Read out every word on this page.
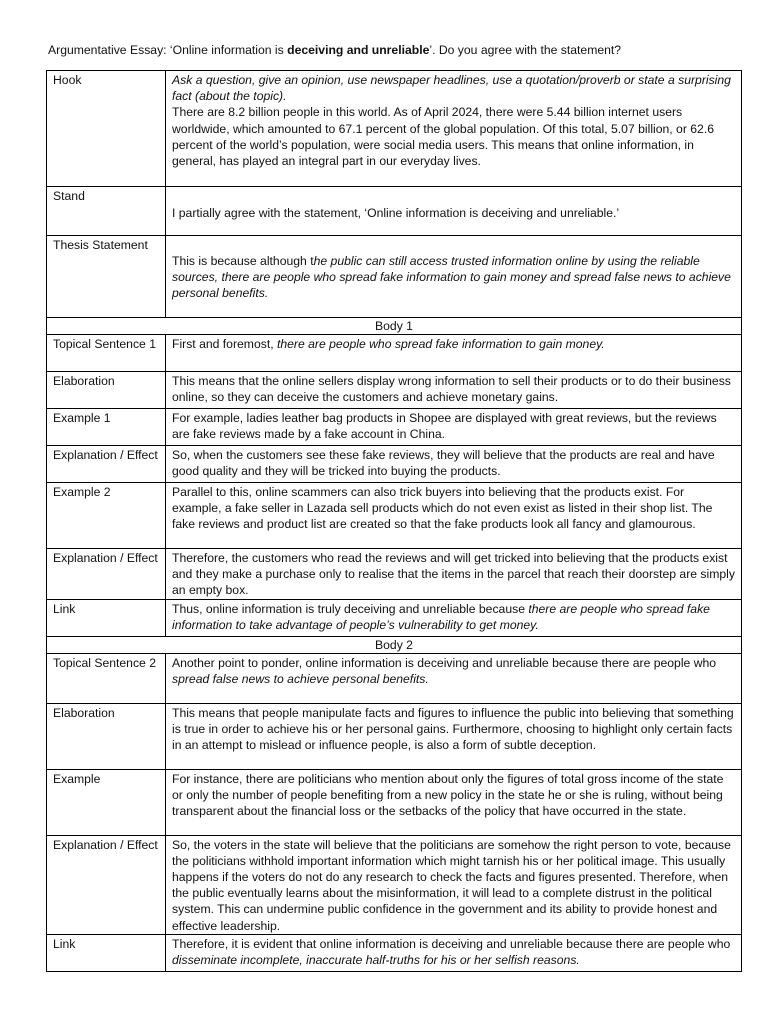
Argumentative Essay: ‘Online information is deceiving and unreliable’. Do you agree with the statement?
Hook	Ask a question, give an opinion, use newspaper headlines, use a quotation/proverb or state a surprising fact (about the topic).

There are 8.2 billion people in this world. As of April 2024, there were 5.44 billion internet users worldwide, which amounted to 67.1 percent of the global population. Of this total, 5.07 billion, or 62.6 percent of the world’s population, were social media users. This means that online information, in general, has played an integral part in our everyday lives.

Stand	I partially agree with the statement, ‘Online information is deceiving and unreliable.’
Thesis Statement	This is because although the public can still access trusted information online by using the reliable sources, there are people who spread fake information to gain money and spread false news to achieve personal benefits.
Body 1	
Topical Sentence 1	First and foremost, there are people who spread fake information to gain money.
Elaboration	This means that the online sellers display wrong information to sell their products or to do their business online, so they can deceive the customers and achieve monetary gains.
Example 1	For example, ladies leather bag products in Shopee are displayed with great reviews, but the reviews are fake reviews made by a fake account in China.
Explanation / Effect	So, when the customers see these fake reviews, they will believe that the products are real and have good quality and they will be tricked into buying the products.
Example 2	Parallel to this, online scammers can also trick buyers into believing that the products exist. For example, a fake seller in Lazada sell products which do not even exist as listed in their shop list. The fake reviews and product list are created so that the fake products look all fancy and glamourous.
Explanation / Effect	Therefore, the customers who read the reviews and will get tricked into believing that the products exist and they make a purchase only to realise that the items in the parcel that reach their doorstep are simply an empty box.
Link	Thus, online information is truly deceiving and unreliable because there are people who spread fake information to take advantage of people’s vulnerability to get money.
Body 2	
Topical Sentence 2	Another point to ponder, online information is deceiving and unreliable because there are people who spread false news to achieve personal benefits.
Elaboration	This means that people manipulate facts and figures to influence the public into believing that something is true in order to achieve his or her personal gains. Furthermore, choosing to highlight only certain facts in an attempt to mislead or influence people, is also a form of subtle deception.
Example	For instance, there are politicians who mention about only the figures of total gross income of the state or only the number of people benefiting from a new policy in the state he or she is ruling, without being transparent about the financial loss or the setbacks of the policy that have occurred in the state.
Explanation / Effect	So, the voters in the state will believe that the politicians are somehow the right person to vote, because the politicians withhold important information which might tarnish his or her political image. This usually happens if the voters do not do any research to check the facts and figures presented. Therefore, when the public eventually learns about the misinformation, it will lead to a complete distrust in the political system. This can undermine public confidence in the government and its ability to provide honest and effective leadership.
Link	Therefore, it is evident that online information is deceiving and unreliable because there are people who disseminate incomplete, inaccurate half-truths for his or her selfish reasons.
